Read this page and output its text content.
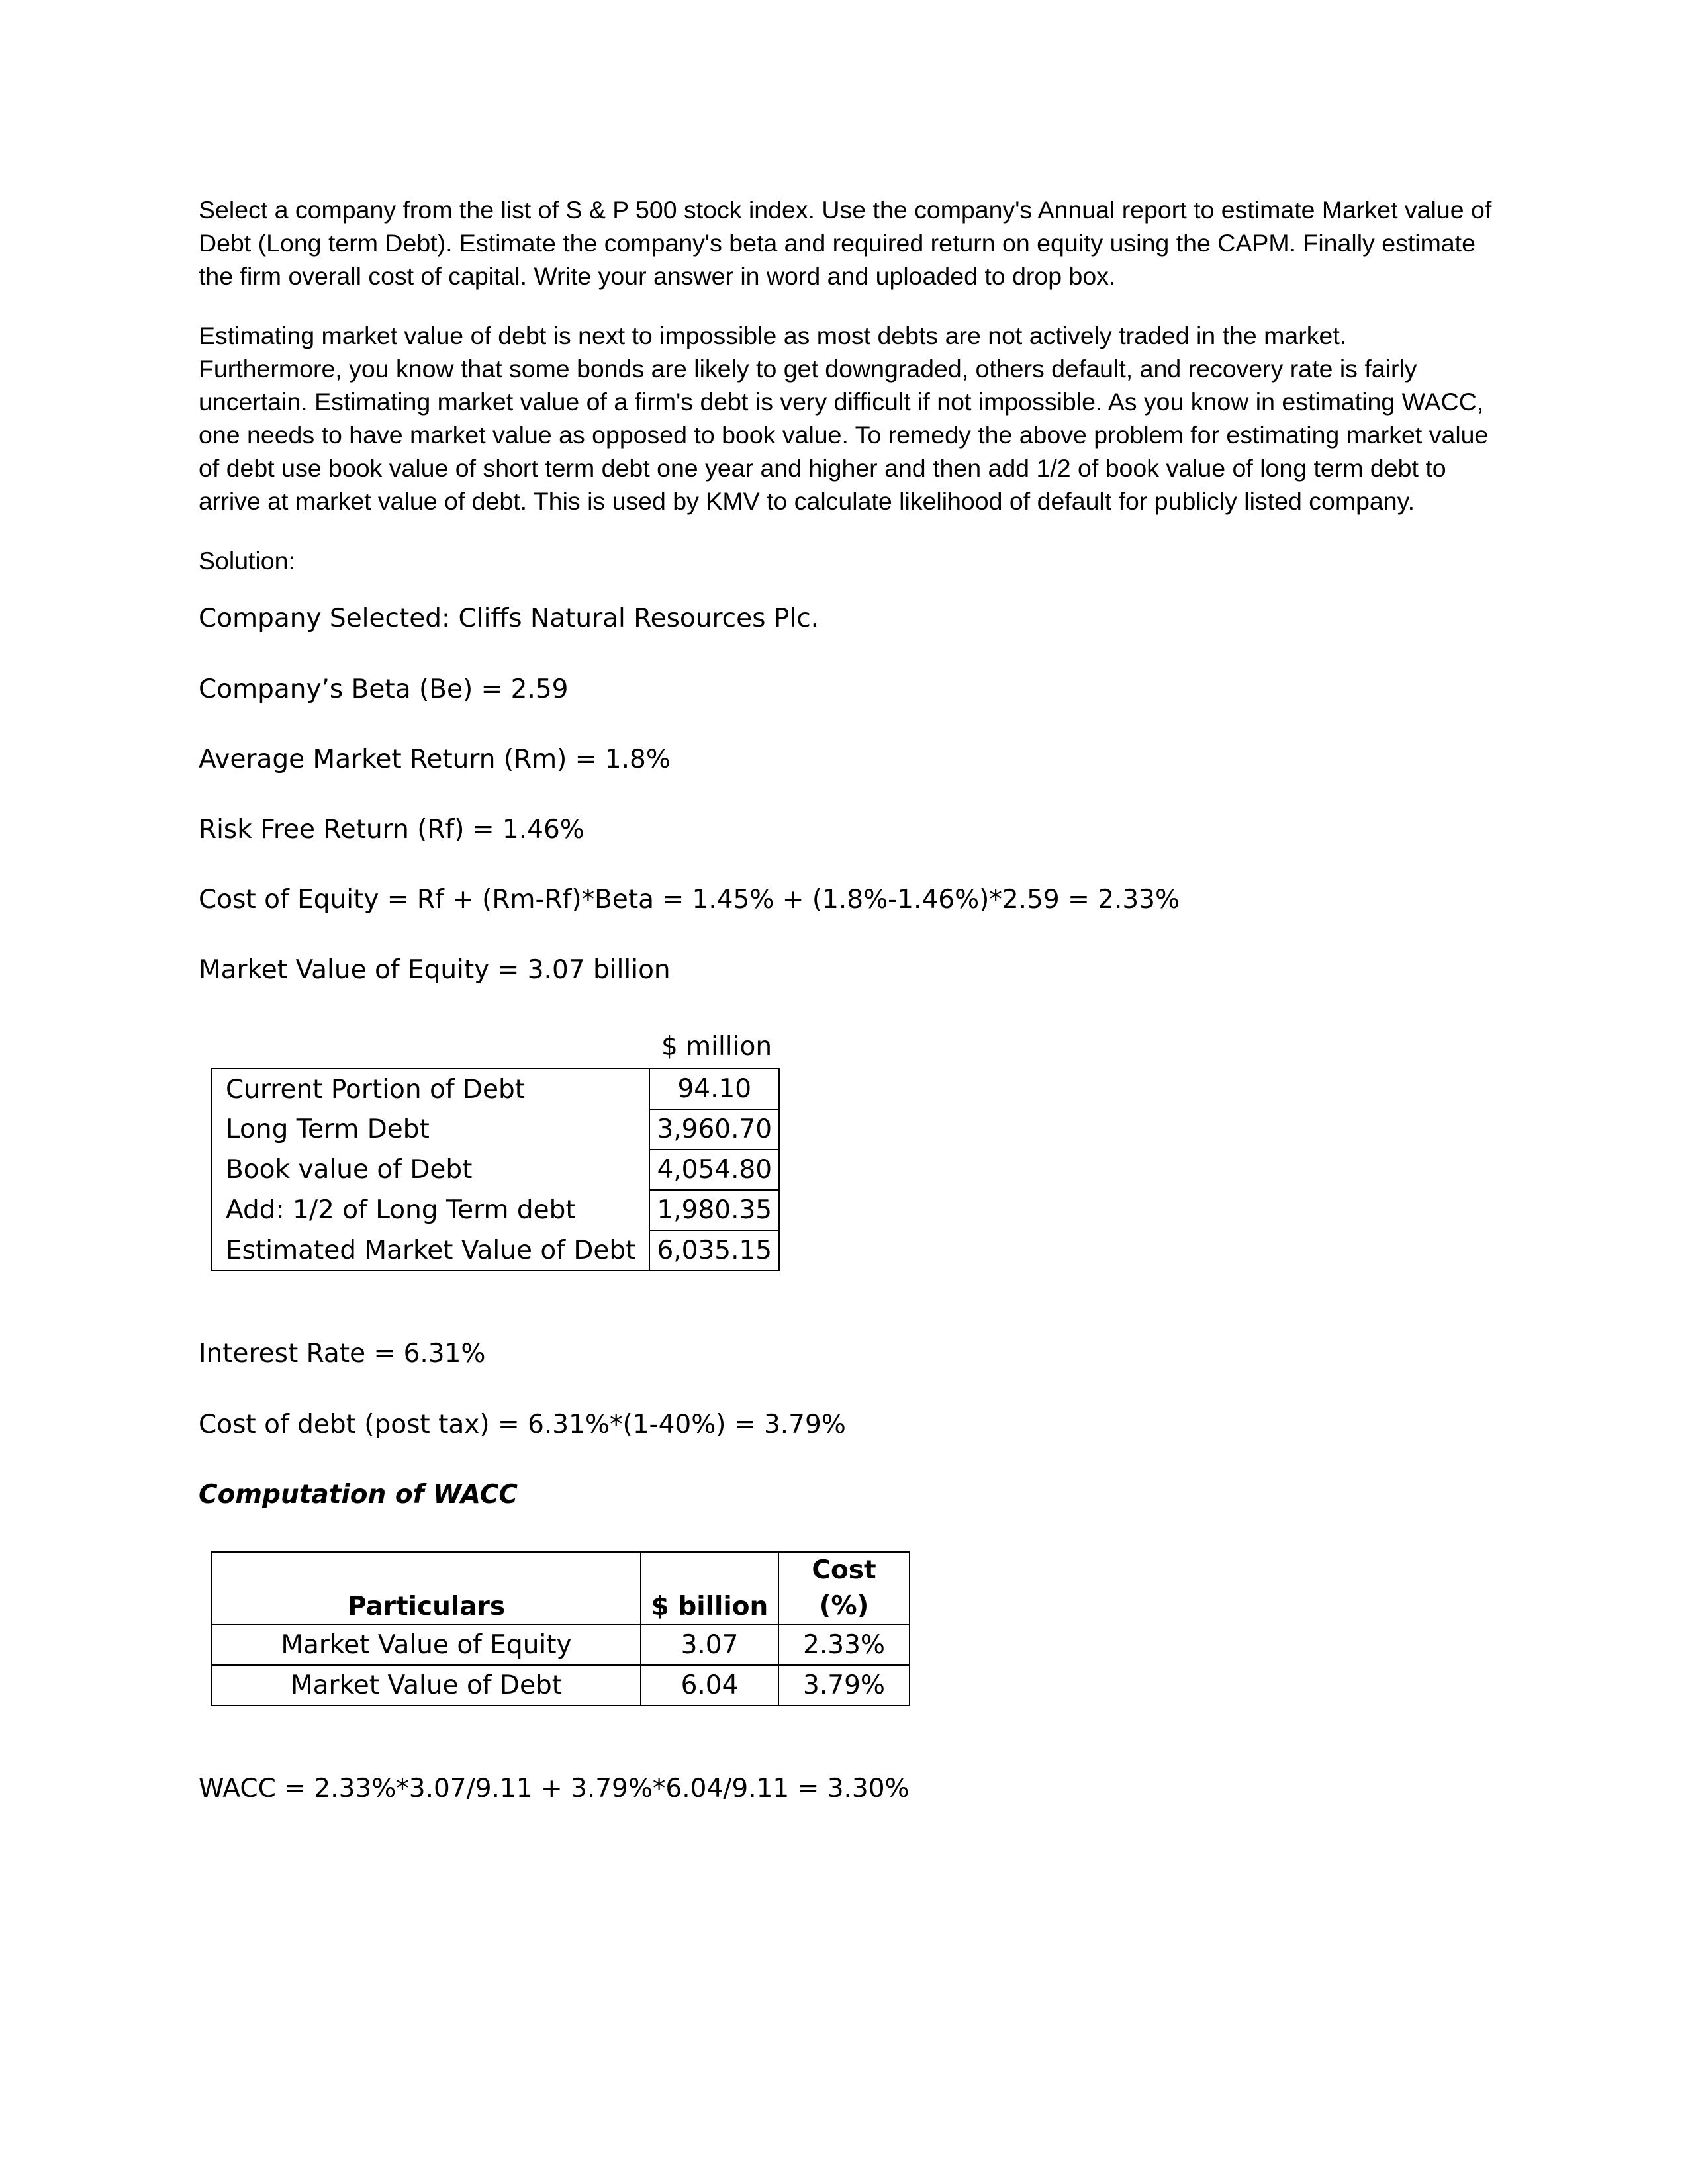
Select a company from the list of S & P 500 stock index. Use the company's Annual report to estimate Market value of Debt (Long term Debt). Estimate the company's beta and required return on equity using the CAPM. Finally estimate the firm overall cost of capital. Write your answer in word and uploaded to drop box.

Estimating market value of debt is next to impossible as most debts are not actively traded in the market. Furthermore, you know that some bonds are likely to get downgraded, others default, and recovery rate is fairly uncertain. Estimating market value of a firm's debt is very difficult if not impossible. As you know in estimating WACC, one needs to have market value as opposed to book value. To remedy the above problem for estimating market value of debt use book value of short term debt one year and higher and then add 1/2 of book value of long term debt to arrive at market value of debt. This is used by KMV to calculate likelihood of default for publicly listed company.

Solution:

Company Selected: Cliffs Natural Resources Plc.
Company’s Beta (Be) = 2.59
Average Market Return (Rm) = 1.8%
Risk Free Return (Rf) = 1.46%
Cost of Equity = Rf + (Rm-Rf)*Beta = 1.45% + (1.8%-1.46%)*2.59 = 2.33%
Market Value of Equity = 3.07 billion
$ million
Current Portion of Debt	94.10
Long Term Debt	3,960.70
Book value of Debt	4,054.80
Add: 1/2 of Long Term debt	1,980.35
Estimated Market Value of Debt	6,035.15
Interest Rate = 6.31%
Cost of debt (post tax) = 6.31%*(1-40%) = 3.79%
Computation of WACC
Particulars	$ billion	Cost
(%)

Market Value of Equity	3.07	2.33%
Market Value of Debt	6.04	3.79%
WACC = 2.33%*3.07/9.11 + 3.79%*6.04/9.11 = 3.30%
